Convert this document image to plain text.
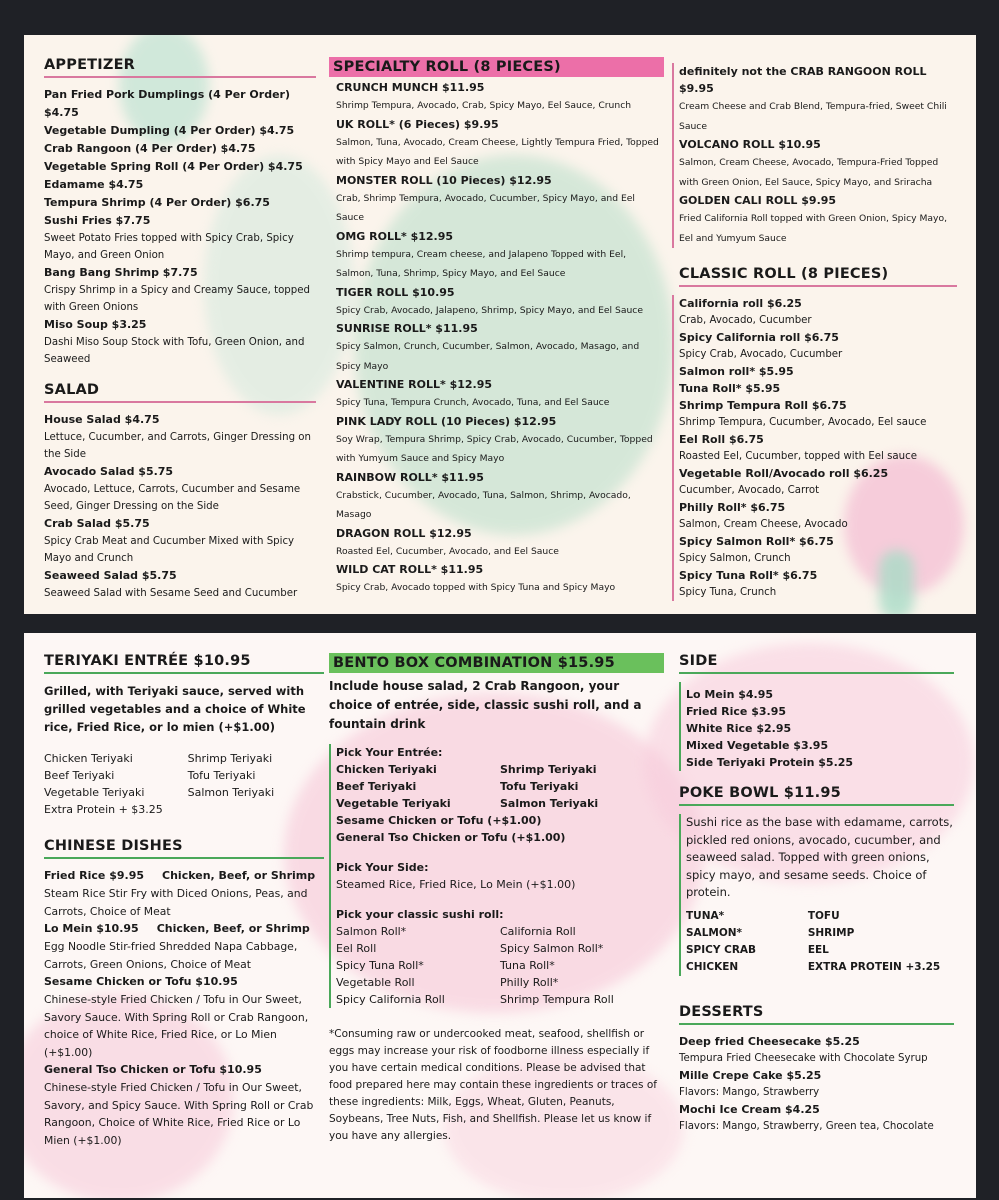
APPETIZER
Pan Fried Pork Dumplings (4 Per Order) $4.75
Vegetable Dumpling (4 Per Order) $4.75
Crab Rangoon (4 Per Order) $4.75
Vegetable Spring Roll (4 Per Order) $4.75
Edamame $4.75
Tempura Shrimp (4 Per Order) $6.75
Sushi Fries $7.75
Sweet Potato Fries topped with Spicy Crab, Spicy Mayo, and Green Onion
Bang Bang Shrimp $7.75
Crispy Shrimp in a Spicy and Creamy Sauce, topped with Green Onions
Miso Soup $3.25
Dashi Miso Soup Stock with Tofu, Green Onion, and Seaweed
SALAD
House Salad $4.75
Lettuce, Cucumber, and Carrots, Ginger Dressing on the Side
Avocado Salad $5.75
Avocado, Lettuce, Carrots, Cucumber and Sesame Seed, Ginger Dressing on the Side
Crab Salad $5.75
Spicy Crab Meat and Cucumber Mixed with Spicy Mayo and Crunch
Seaweed Salad $5.75
Seaweed Salad with Sesame Seed and Cucumber
SPECIALTY ROLL (8 PIECES)
CRUNCH MUNCH $11.95
Shrimp Tempura, Avocado, Crab, Spicy Mayo, Eel Sauce, Crunch
UK ROLL* (6 Pieces) $9.95
Salmon, Tuna, Avocado, Cream Cheese, Lightly Tempura Fried, Topped with Spicy Mayo and Eel Sauce
MONSTER ROLL (10 Pieces) $12.95
Crab, Shrimp Tempura, Avocado, Cucumber, Spicy Mayo, and Eel Sauce
OMG ROLL* $12.95
Shrimp tempura, Cream cheese, and Jalapeno Topped with Eel, Salmon, Tuna, Shrimp, Spicy Mayo, and Eel Sauce
TIGER ROLL $10.95
Spicy Crab, Avocado, Jalapeno, Shrimp, Spicy Mayo, and Eel Sauce
SUNRISE ROLL* $11.95
Spicy Salmon, Crunch, Cucumber, Salmon, Avocado, Masago, and Spicy Mayo
VALENTINE ROLL* $12.95
Spicy Tuna, Tempura Crunch, Avocado, Tuna, and Eel Sauce
PINK LADY ROLL (10 Pieces) $12.95
Soy Wrap, Tempura Shrimp, Spicy Crab, Avocado, Cucumber, Topped with Yumyum Sauce and Spicy Mayo
RAINBOW ROLL* $11.95
Crabstick, Cucumber, Avocado, Tuna, Salmon, Shrimp, Avocado, Masago
DRAGON ROLL $12.95
Roasted Eel, Cucumber, Avocado, and Eel Sauce
WILD CAT ROLL* $11.95
Spicy Crab, Avocado topped with Spicy Tuna and Spicy Mayo
definitely not the CRAB RANGOON ROLL $9.95
Cream Cheese and Crab Blend, Tempura-fried, Sweet Chili Sauce
VOLCANO ROLL $10.95
Salmon, Cream Cheese, Avocado, Tempura-Fried Topped with Green Onion, Eel Sauce, Spicy Mayo, and Sriracha
GOLDEN CALI ROLL $9.95
Fried California Roll topped with Green Onion, Spicy Mayo, Eel and Yumyum Sauce
CLASSIC ROLL (8 PIECES)
California roll $6.25
Crab, Avocado, Cucumber
Spicy California roll $6.75
Spicy Crab, Avocado, Cucumber
Salmon roll* $5.95
Tuna Roll* $5.95
Shrimp Tempura Roll $6.75
Shrimp Tempura, Cucumber, Avocado, Eel sauce
Eel Roll $6.75
Roasted Eel, Cucumber, topped with Eel sauce
Vegetable Roll/Avocado roll $6.25
Cucumber, Avocado, Carrot
Philly Roll* $6.75
Salmon, Cream Cheese, Avocado
Spicy Salmon Roll* $6.75
Spicy Salmon, Crunch
Spicy Tuna Roll* $6.75
Spicy Tuna, Crunch
TERIYAKI ENTRÉE $10.95
Grilled, with Teriyaki sauce, served with grilled vegetables and a choice of White rice, Fried Rice, or lo mien (+$1.00)
Chicken Teriyaki
Beef Teriyaki
Vegetable Teriyaki
Extra Protein + $3.25
Shrimp Teriyaki
Tofu Teriyaki
Salmon Teriyaki
CHINESE DISHES
Fried Rice $9.95 Chicken, Beef, or Shrimp
Steam Rice Stir Fry with Diced Onions, Peas, and Carrots, Choice of Meat
Lo Mein $10.95 Chicken, Beef, or Shrimp
Egg Noodle Stir-fried Shredded Napa Cabbage, Carrots, Green Onions, Choice of Meat
Sesame Chicken or Tofu $10.95
Chinese-style Fried Chicken / Tofu in Our Sweet, Savory Sauce. With Spring Roll or Crab Rangoon, choice of White Rice, Fried Rice, or Lo Mien (+$1.00)
General Tso Chicken or Tofu $10.95
Chinese-style Fried Chicken / Tofu in Our Sweet, Savory, and Spicy Sauce. With Spring Roll or Crab Rangoon, Choice of White Rice, Fried Rice or Lo Mien (+$1.00)
BENTO BOX COMBINATION $15.95
Include house salad, 2 Crab Rangoon, your choice of entrée, side, classic sushi roll, and a fountain drink
Pick Your Entrée:
Chicken Teriyaki
Beef Teriyaki
Vegetable Teriyaki
Shrimp Teriyaki
Tofu Teriyaki
Salmon Teriyaki
Sesame Chicken or Tofu (+$1.00)
General Tso Chicken or Tofu (+$1.00)
Pick Your Side:
Steamed Rice, Fried Rice, Lo Mein (+$1.00)
Pick your classic sushi roll:
Salmon Roll*
Eel Roll
Spicy Tuna Roll*
Vegetable Roll
Spicy California Roll
California Roll
Spicy Salmon Roll*
Tuna Roll*
Philly Roll*
Shrimp Tempura Roll
*Consuming raw or undercooked meat, seafood, shellfish or eggs may increase your risk of foodborne illness especially if you have certain medical conditions. Please be advised that food prepared here may contain these ingredients or traces of these ingredients: Milk, Eggs, Wheat, Gluten, Peanuts, Soybeans, Tree Nuts, Fish, and Shellfish. Please let us know if you have any allergies.
SIDE
Lo Mein $4.95
Fried Rice $3.95
White Rice $2.95
Mixed Vegetable $3.95
Side Teriyaki Protein $5.25
POKE BOWL $11.95
Sushi rice as the base with edamame, carrots, pickled red onions, avocado, cucumber, and seaweed salad. Topped with green onions, spicy mayo, and sesame seeds. Choice of protein.
TUNA*
SALMON*
SPICY CRAB
CHICKEN
TOFU
SHRIMP
EEL
EXTRA PROTEIN +3.25
DESSERTS
Deep fried Cheesecake $5.25
Tempura Fried Cheesecake with Chocolate Syrup
Mille Crepe Cake $5.25
Flavors: Mango, Strawberry
Mochi Ice Cream $4.25
Flavors: Mango, Strawberry, Green tea, Chocolate
